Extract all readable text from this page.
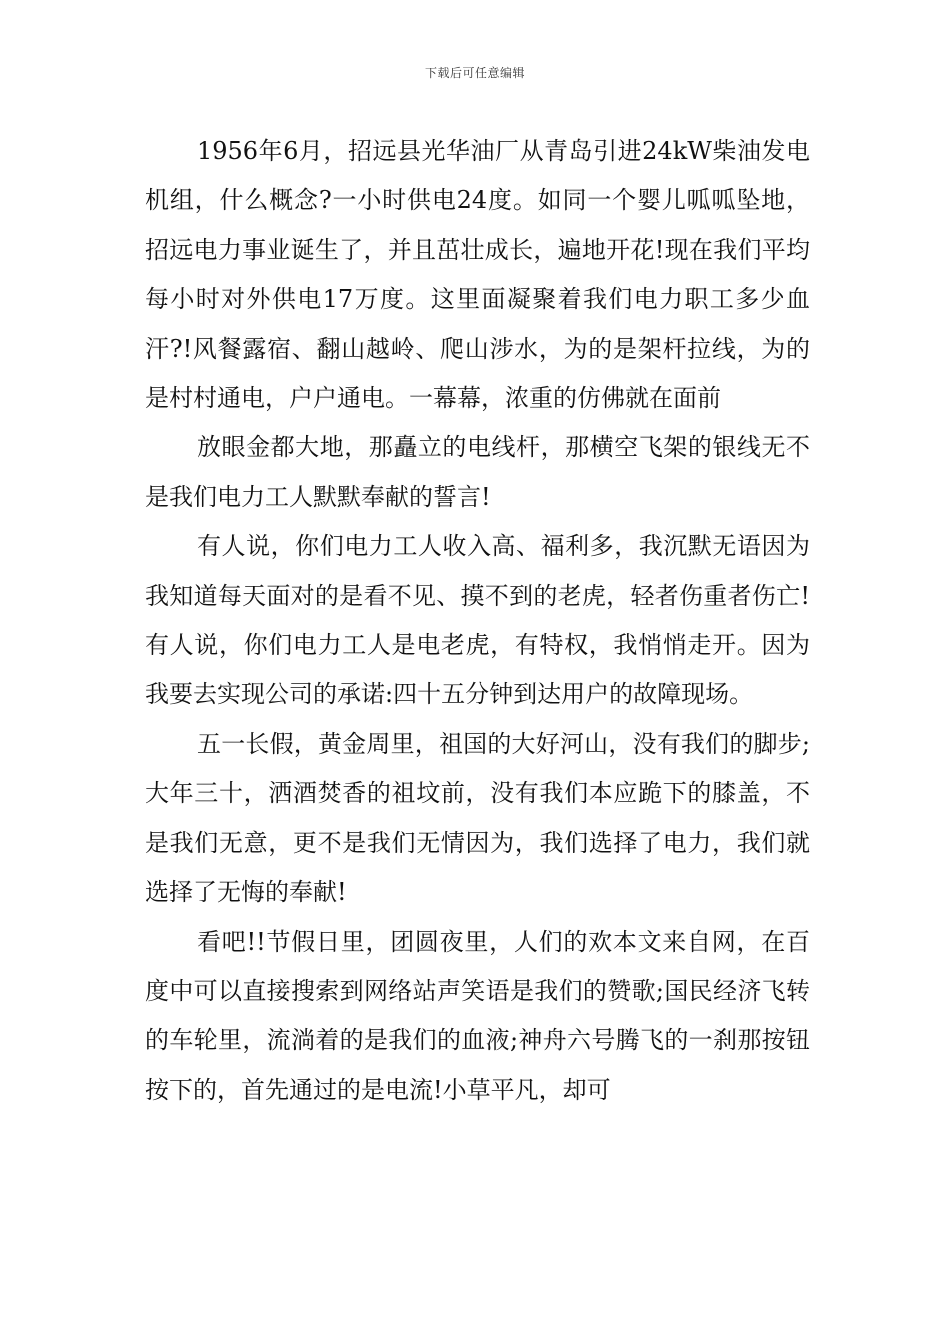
下载后可任意编辑

1956年6月，招远县光华油厂从青岛引进24kW柴油发电机组，什么概念?一小时供电24度。如同一个婴儿呱呱坠地，招远电力事业诞生了，并且茁壮成长，遍地开花!现在我们平均每小时对外供电17万度。这里面凝聚着我们电力职工多少血汗?!风餐露宿、翻山越岭、爬山涉水，为的是架杆拉线，为的是村村通电，户户通电。一幕幕，浓重的仿佛就在面前

放眼金都大地，那矗立的电线杆，那横空飞架的银线无不是我们电力工人默默奉献的誓言!

有人说，你们电力工人收入高、福利多，我沉默无语因为我知道每天面对的是看不见、摸不到的老虎，轻者伤重者伤亡!有人说，你们电力工人是电老虎，有特权，我悄悄走开。因为我要去实现公司的承诺:四十五分钟到达用户的故障现场。

五一长假，黄金周里，祖国的大好河山，没有我们的脚步;大年三十，洒酒焚香的祖坟前，没有我们本应跪下的膝盖，不是我们无意，更不是我们无情因为，我们选择了电力，我们就选择了无悔的奉献!

看吧!!节假日里，团圆夜里，人们的欢本文来自网，在百度中可以直接搜索到网络站声笑语是我们的赞歌;国民经济飞转的车轮里，流淌着的是我们的血液;神舟六号腾飞的一刹那按钮按下的，首先通过的是电流!小草平凡，却可
